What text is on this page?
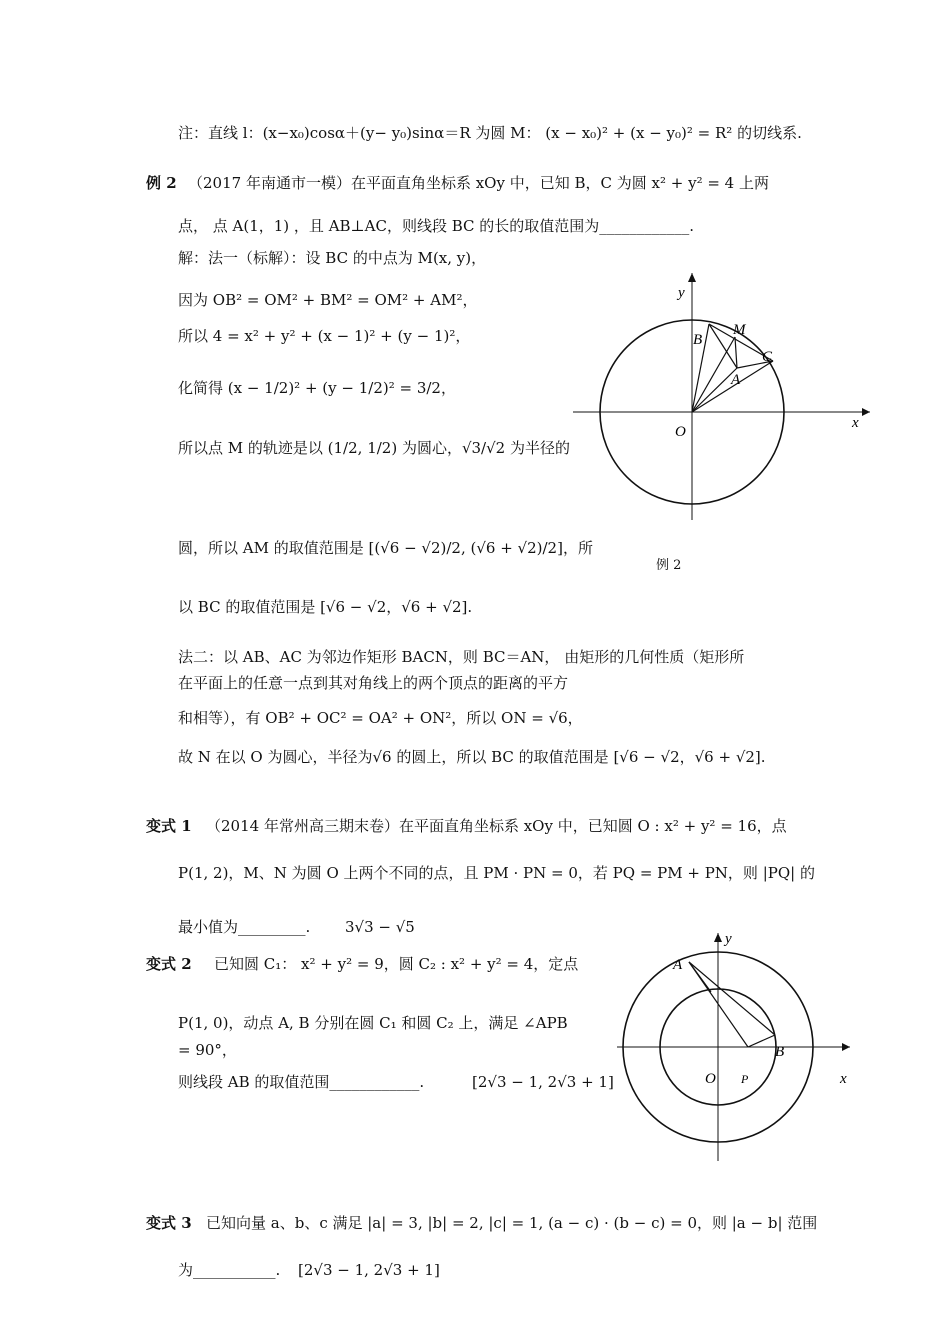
注：直线 l：(x−x₀)cosα＋(y− y₀)sinα＝R 为圆 M： (x − x₀)² + (x − y₀)² = R² 的切线系.
例 2 （2017 年南通市一模）在平面直角坐标系 xOy 中，已知 B，C 为圆 x² + y² = 4 上两
点， 点 A(1，1) ，且 AB⊥AC，则线段 BC 的长的取值范围为____________.
解：法一（标解）：设 BC 的中点为 M(x, y)，
因为 OB² = OM² + BM² = OM² + AM²，
所以 4 = x² + y² + (x − 1)² + (y − 1)²，
化简得 (x − 1/2)² + (y − 1/2)² = 3/2，
所以点 M 的轨迹是以 (1/2, 1/2) 为圆心，√3/√2 为半径的
圆，所以 AM 的取值范围是 [(√6 − √2)/2, (√6 + √2)/2]，所
以 BC 的取值范围是 [√6 − √2，√6 + √2].
法二：以 AB、AC 为邻边作矩形 BACN，则 BC＝AN， 由矩形的几何性质（矩形所
在平面上的任意一点到其对角线上的两个顶点的距离的平方
和相等），有 OB² + OC² = OA² + ON²，所以 ON = √6，
故 N 在以 O 为圆心，半径为√6 的圆上，所以 BC 的取值范围是 [√6 − √2，√6 + √2].
y
x
O
B
M
C
A
例 2
变式 1 （2014 年常州高三期末卷）在平面直角坐标系 xOy 中，已知圆 O : x² + y² = 16，点
P(1, 2)，M、N 为圆 O 上两个不同的点，且 PM · PN = 0，若 PQ = PM + PN，则 |PQ| 的
最小值为_________. 3√3 − √5
变式 2 已知圆 C₁： x² + y² = 9，圆 C₂ : x² + y² = 4，定点
P(1, 0)，动点 A, B 分别在圆 C₁ 和圆 C₂ 上，满足 ∠APB
= 90°，
则线段 AB 的取值范围____________.	[2√3 − 1, 2√3 + 1]
y
x
O P
A
B
变式 3 已知向量 a、b、c 满足 |a| = 3, |b| = 2, |c| = 1, (a − c) · (b − c) = 0，则 |a − b| 范围
为___________. [2√3 − 1, 2√3 + 1]
